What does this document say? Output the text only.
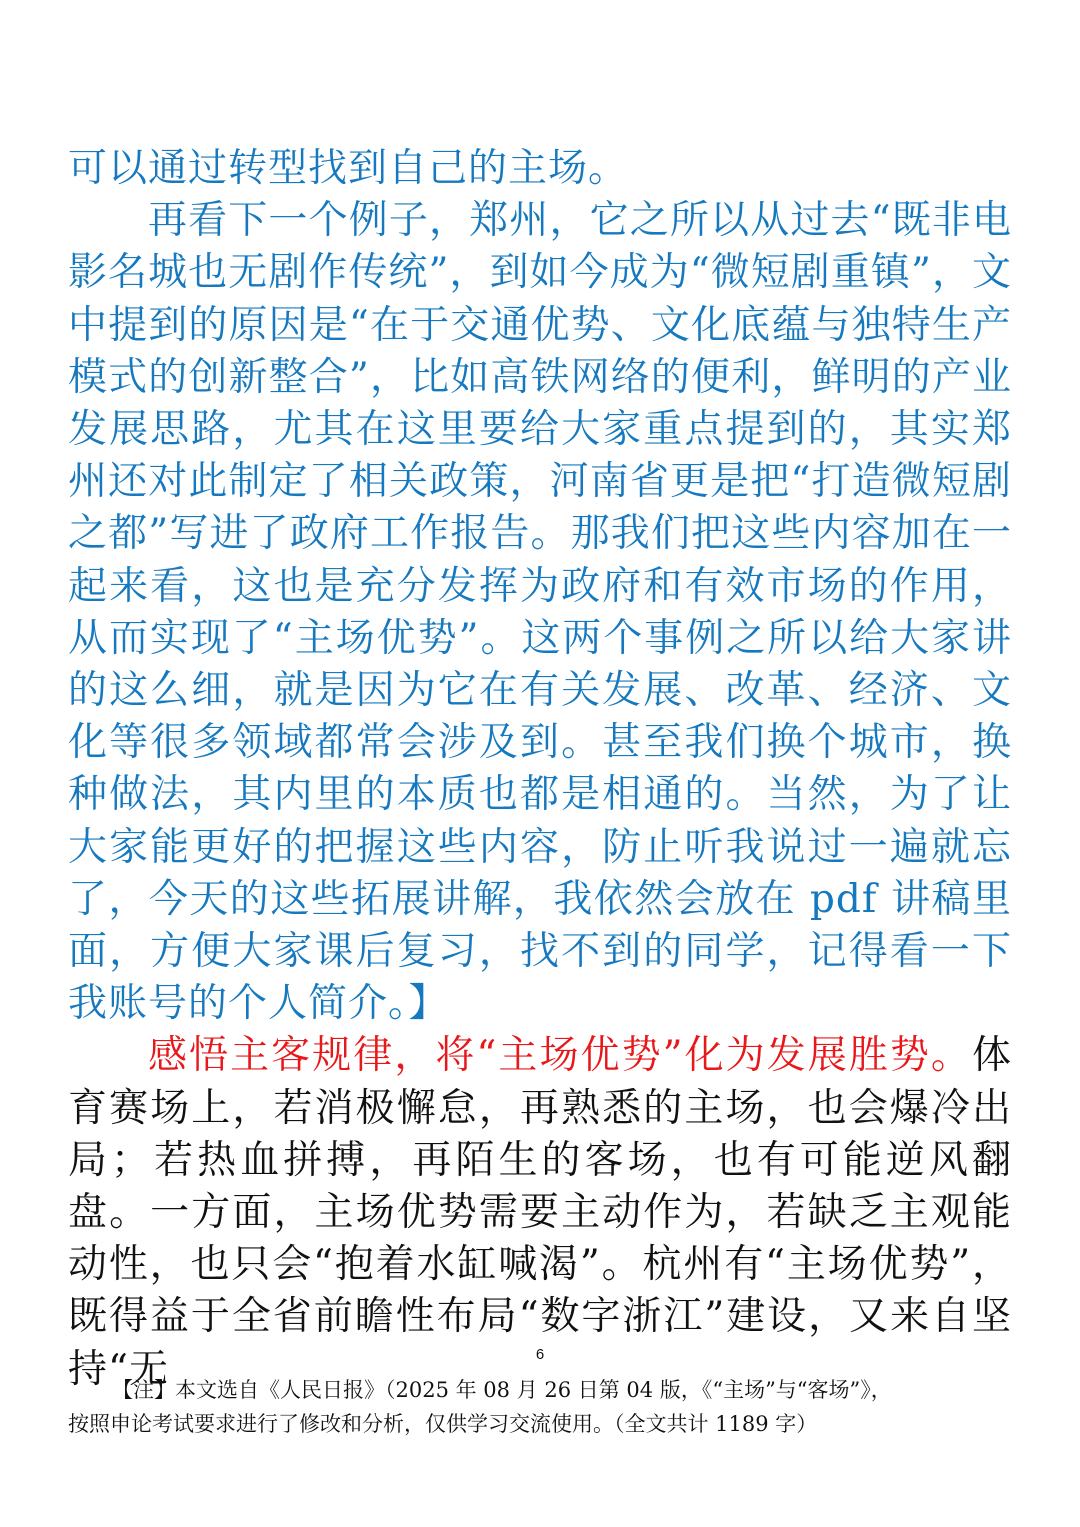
可以通过转型找到自己的主场。

再看下一个例子，郑州，它之所以从过去“既非电影名城也无剧作传统”，到如今成为“微短剧重镇”，文中提到的原因是“在于交通优势、文化底蕴与独特生产模式的创新整合”，比如高铁网络的便利，鲜明的产业发展思路，尤其在这里要给大家重点提到的，其实郑州还对此制定了相关政策，河南省更是把“打造微短剧之都”写进了政府工作报告。那我们把这些内容加在一起来看，这也是充分发挥为政府和有效市场的作用，从而实现了“主场优势”。这两个事例之所以给大家讲的这么细，就是因为它在有关发展、改革、经济、文化等很多领域都常会涉及到。甚至我们换个城市，换种做法，其内里的本质也都是相通的。当然，为了让大家能更好的把握这些内容，防止听我说过一遍就忘了，今天的这些拓展讲解，我依然会放在 pdf 讲稿里面，方便大家课后复习，找不到的同学，记得看一下我账号的个人简介。】

感悟主客规律，将“主场优势”化为发展胜势。体育赛场上，若消极懈怠，再熟悉的主场，也会爆冷出局；若热血拼搏，再陌生的客场，也有可能逆风翻盘。一方面，主场优势需要主动作为，若缺乏主观能动性，也只会“抱着水缸喊渴”。杭州有“主场优势”，既得益于全省前瞻性布局“数字浙江”建设，又来自坚持“无	6
【注】本文选自《人民日报》（2025 年 08 月 26 日第 04 版，《“主场”与“客场”》，
按照申论考试要求进行了修改和分析，仅供学习交流使用。（全文共计 1189 字）
